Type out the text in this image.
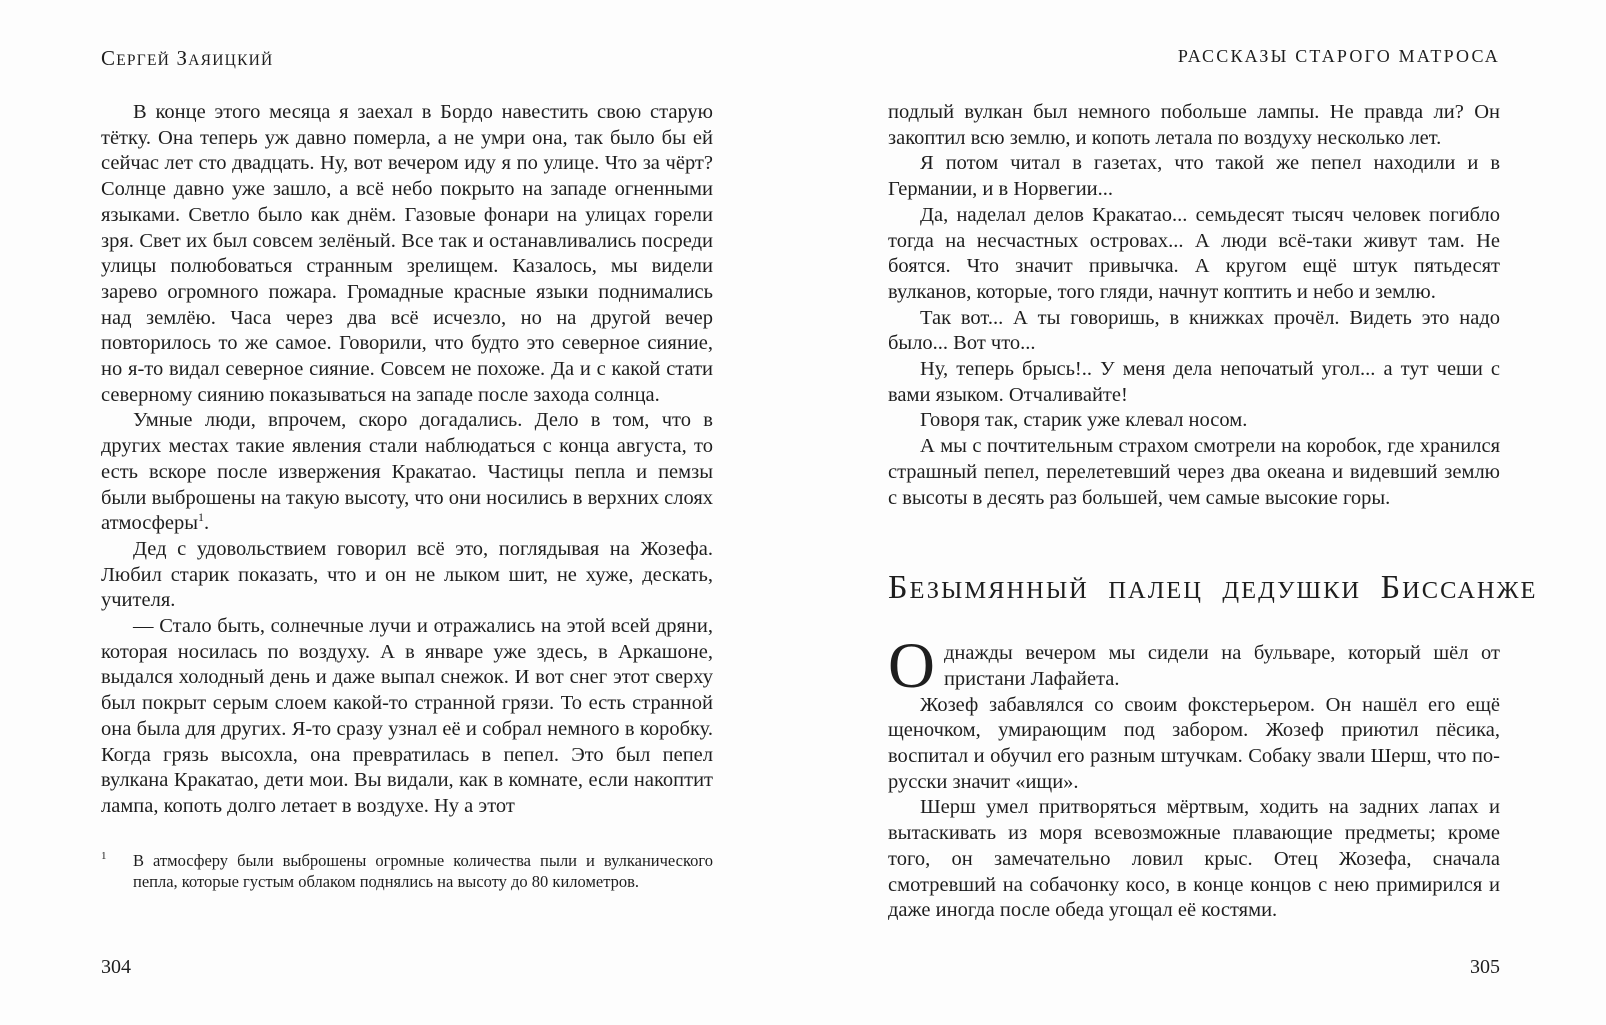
СЕРГЕЙ ЗАЯИЦКИЙ

В конце этого месяца я заехал в Бордо навестить свою старую тётку. Она теперь уж давно померла, а не умри она, так было бы ей сейчас лет сто двадцать. Ну, вот вечером иду я по улице. Что за чёрт? Солнце давно уже зашло, а всё небо покрыто на западе огненными языками. Светло было как днём. Газовые фонари на улицах горели зря. Свет их был совсем зелёный. Все так и останавливались посреди улицы полюбоваться странным зрелищем. Казалось, мы видели зарево огромного пожара. Громадные красные языки поднимались над землёю. Часа через два всё исчезло, но на другой вечер повторилось то же самое. Говорили, что будто это северное сияние, но я-то видал северное сияние. Совсем не похоже. Да и с какой стати северному сиянию показываться на западе после захода солнца.

Умные люди, впрочем, скоро догадались. Дело в том, что в других местах такие явления стали наблюдаться с конца августа, то есть вскоре после извержения Кракатао. Частицы пепла и пемзы были выброшены на такую высоту, что они носились в верхних слоях атмосферы$^1$.

Дед с удовольствием говорил всё это, поглядывая на Жозефа. Любил старик показать, что и он не лыком шит, не хуже, дескать, учителя.

— Стало быть, солнечные лучи и отражались на этой всей дряни, которая носилась по воздуху. А в январе уже здесь, в Аркашоне, выдался холодный день и даже выпал снежок. И вот снег этот сверху был покрыт серым слоем какой-то странной грязи. То есть странной она была для других. Я-то сразу узнал её и собрал немного в коробку. Когда грязь высохла, она превратилась в пепел. Это был пепел вулкана Кракатао, дети мои. Вы видали, как в комнате, если накоптит лампа, копоть долго летает в воздухе. Ну а этот

1 В атмосферу были выброшены огромные количества пыли и вулканического пепла, которые густым облаком поднялись на высоту до 80 километров.
304
РАССКАЗЫ СТАРОГО МАТРОСА

подлый вулкан был немного побольше лампы. Не правда ли? Он закоптил всю землю, и копоть летала по воздуху несколько лет.

Я потом читал в газетах, что такой же пепел находили и в Германии, и в Норвегии...

Да, наделал делов Кракатао... семьдесят тысяч человек погибло тогда на несчастных островах... А люди всё-таки живут там. Не боятся. Что значит привычка. А кругом ещё штук пятьдесят вулканов, которые, того гляди, начнут коптить и небо и землю.

Так вот... А ты говоришь, в книжках прочёл. Видеть это надо было... Вот что...

Ну, теперь брысь!.. У меня дела непочатый угол... а тут чеши с вами языком. Отчаливайте!

Говоря так, старик уже клевал носом.

А мы с почтительным страхом смотрели на коробок, где хранился страшный пепел, перелетевший через два океана и видевший землю с высоты в десять раз большей, чем самые высокие горы.

БЕЗЫМЯННЫЙ ПАЛЕЦ ДЕДУШКИ БИССАНЖЕ

Однажды вечером мы сидели на бульваре, который шёл от пристани Лафайета.

Жозеф забавлялся со своим фокстерьером. Он нашёл его ещё щеночком, умирающим под забором. Жозеф приютил пёсика, воспитал и обучил его разным штучкам. Собаку звали Шерш, что по-русски значит «ищи».

Шерш умел притворяться мёртвым, ходить на задних лапах и вытаскивать из моря всевозможные плавающие предметы; кроме того, он замечательно ловил крыс. Отец Жозефа, сначала смотревший на собачонку косо, в конце концов с нею примирился и даже иногда после обеда угощал её костями.

305
